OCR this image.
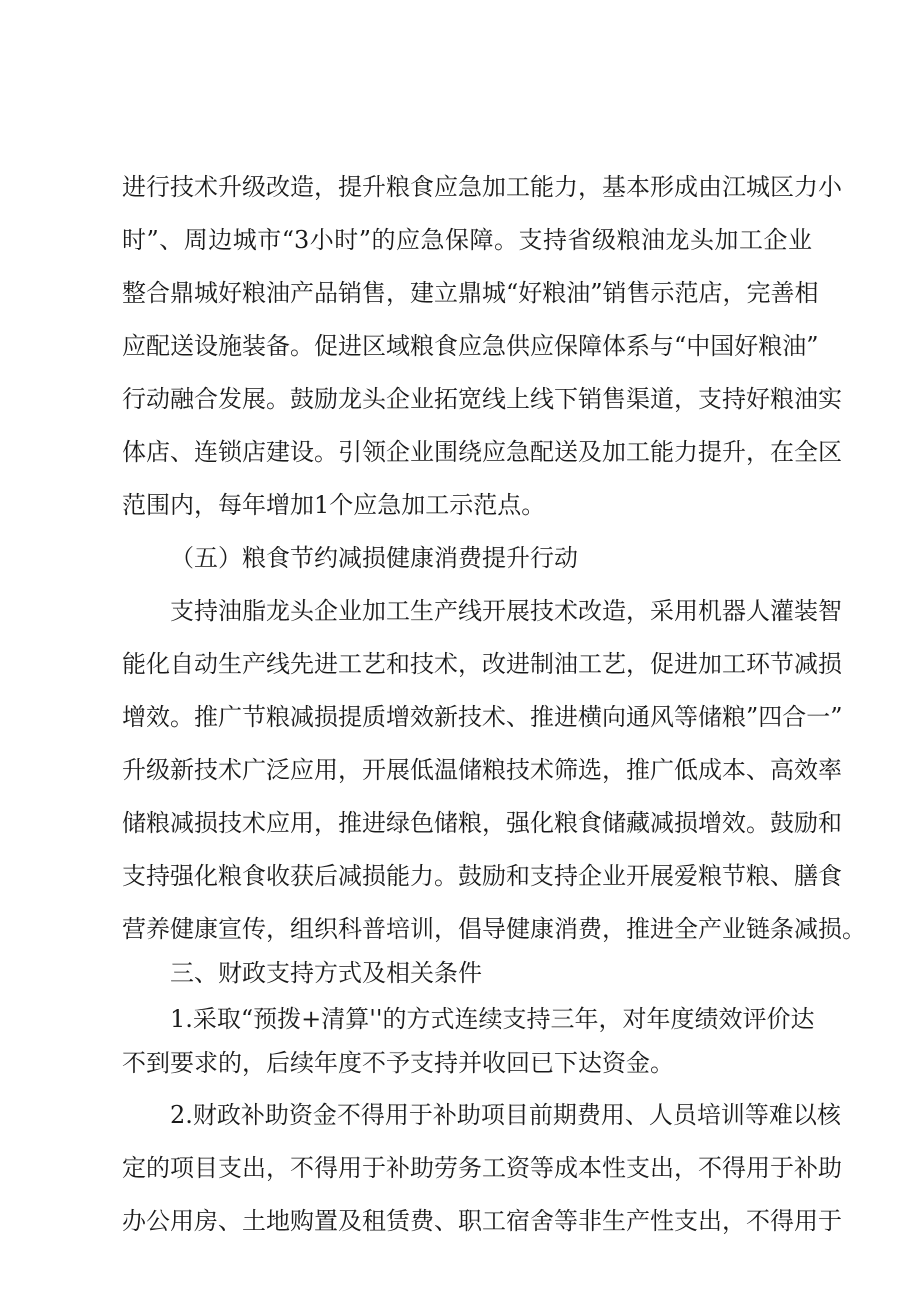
进行技术升级改造，提升粮食应急加工能力，基本形成由江城区力小
时”、周边城市“3小时”的应急保障。支持省级粮油龙头加工企业
整合鼎城好粮油产品销售，建立鼎城“好粮油”销售示范店，完善相
应配送设施装备。促进区域粮食应急供应保障体系与“中国好粮油”
行动融合发展。鼓励龙头企业拓宽线上线下销售渠道，支持好粮油实
体店、连锁店建设。引领企业围绕应急配送及加工能力提升，在全区
范围内，每年增加1个应急加工示范点。
（五）粮食节约减损健康消费提升行动
支持油脂龙头企业加工生产线开展技术改造，采用机器人灌装智
能化自动生产线先进工艺和技术，改进制油工艺，促进加工环节减损
增效。推广节粮减损提质增效新技术、推进横向通风等储粮”四合一”
升级新技术广泛应用，开展低温储粮技术筛选，推广低成本、高效率
储粮减损技术应用，推进绿色储粮，强化粮食储藏减损增效。鼓励和
支持强化粮食收获后减损能力。鼓励和支持企业开展爱粮节粮、膳食
营养健康宣传，组织科普培训，倡导健康消费，推进全产业链条减损。
三、财政支持方式及相关条件
1.采取“预拨+清算''的方式连续支持三年，对年度绩效评价达
不到要求的，后续年度不予支持并收回已下达资金。
2.财政补助资金不得用于补助项目前期费用、人员培训等难以核
定的项目支出，不得用于补助劳务工资等成本性支出，不得用于补助
办公用房、土地购置及租赁费、职工宿舍等非生产性支出，不得用于
